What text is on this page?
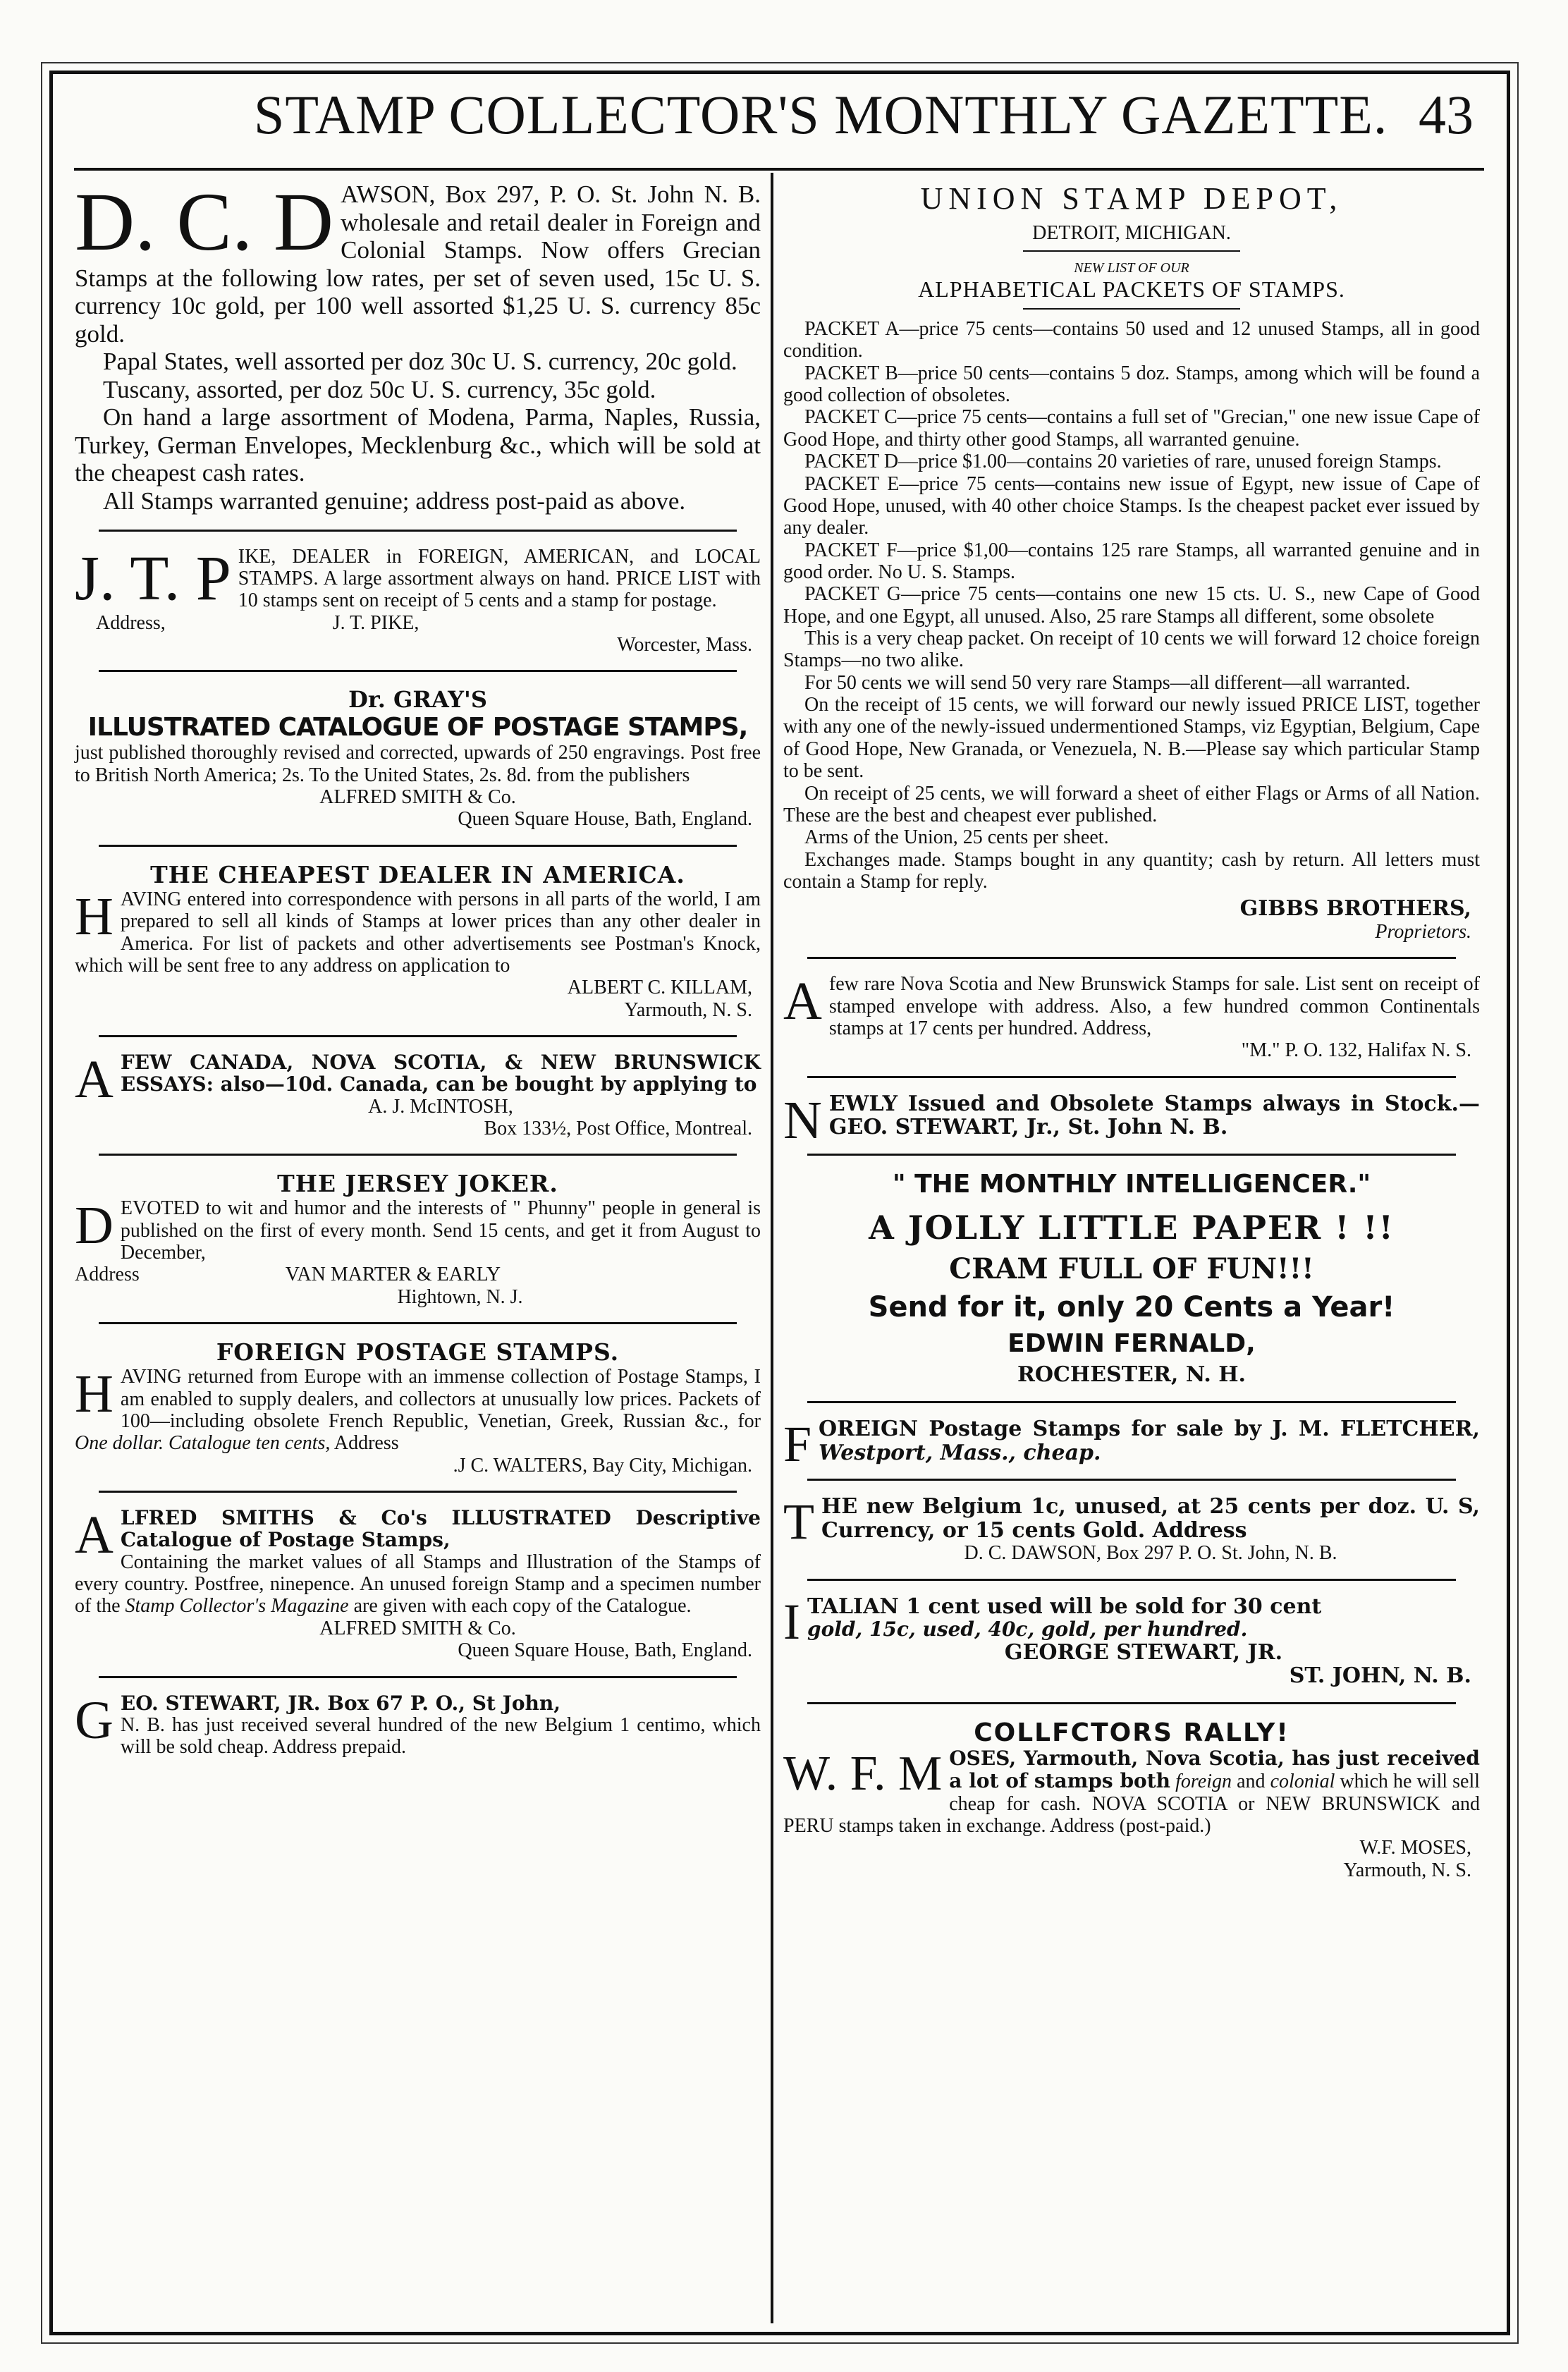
STAMP COLLECTOR'S MONTHLY GAZETTE. 43
D. C. D AWSON, Box 297, P. O. St. John N. B. wholesale and retail dealer in Foreign and Colonial Stamps. Now offers Grecian Stamps at the following low rates, per set of seven used, 15c U. S. currency 10c gold, per 100 well assorted $1,25 U. S. currency 85c gold.

Papal States, well assorted per doz 30c U. S. currency, 20c gold.

Tuscany, assorted, per doz 50c U. S. currency, 35c gold.

On hand a large assortment of Modena, Parma, Naples, Russia, Turkey, German Envelopes, Mecklenburg &c., which will be sold at the cheapest cash rates.

All Stamps warranted genuine; address post-paid as above.

J. T. P IKE, DEALER in FOREIGN, AMERICAN, and LOCAL STAMPS. A large assortment always on hand. PRICE LIST with 10 stamps sent on receipt of 5 cents and a stamp for postage.

Address,	J. T. PIKE,

Worcester, Mass.

Dr. GRAY'S

ILLUSTRATED CATALOGUE OF POSTAGE STAMPS,

just published thoroughly revised and corrected, upwards of 250 engravings. Post free to British North America; 2s. To the United States, 2s. 8d. from the publishers

ALFRED SMITH & Co.

Queen Square House, Bath, England.

THE CHEAPEST DEALER IN AMERICA.

H AVING entered into correspondence with persons in all parts of the world, I am prepared to sell all kinds of Stamps at lower prices than any other dealer in America. For list of packets and other advertisements see Postman's Knock, which will be sent free to any address on application to

ALBERT C. KILLAM,

Yarmouth, N. S.

A FEW CANADA, NOVA SCOTIA, & NEW BRUNSWICK ESSAYS: also—10d. Canada, can be bought by applying to

A. J. McINTOSH,

Box 133½, Post Office, Montreal.

THE JERSEY JOKER.

D EVOTED to wit and humor and the interests of " Phunny" people in general is published on the first of every month. Send 15 cents, and get it from August to December,

Address	VAN MARTER & EARLY

Hightown, N. J.

FOREIGN POSTAGE STAMPS.

H AVING returned from Europe with an immense collection of Postage Stamps, I am enabled to supply dealers, and collectors at unusually low prices. Packets of 100—including obsolete French Republic, Venetian, Greek, Russian &c., for One dollar. Catalogue ten cents, Address

.J C. WALTERS, Bay City, Michigan.

A LFRED SMITHS & Co's ILLUSTRATED Descriptive Catalogue of Postage Stamps,

Containing the market values of all Stamps and Illustration of the Stamps of every country. Postfree, ninepence. An unused foreign Stamp and a specimen number of the Stamp Collector's Magazine are given with each copy of the Catalogue.

ALFRED SMITH & Co.

Queen Square House, Bath, England.

G EO. STEWART, JR. Box 67 P. O., St John,

N. B. has just received several hundred of the new Belgium 1 centimo, which will be sold cheap. Address prepaid.

UNION STAMP DEPOT,

DETROIT, MICHIGAN.

NEW LIST OF OUR

ALPHABETICAL PACKETS OF STAMPS.

PACKET A—price 75 cents—contains 50 used and 12 unused Stamps, all in good condition.

PACKET B—price 50 cents—contains 5 doz. Stamps, among which will be found a good collection of obsoletes.

PACKET C—price 75 cents—contains a full set of "Grecian," one new issue Cape of Good Hope, and thirty other good Stamps, all warranted genuine.

PACKET D—price $1.00—contains 20 varieties of rare, unused foreign Stamps.

PACKET E—price 75 cents—contains new issue of Egypt, new issue of Cape of Good Hope, unused, with 40 other choice Stamps. Is the cheapest packet ever issued by any dealer.

PACKET F—price $1,00—contains 125 rare Stamps, all warranted genuine and in good order. No U. S. Stamps.

PACKET G—price 75 cents—contains one new 15 cts. U. S., new Cape of Good Hope, and one Egypt, all unused. Also, 25 rare Stamps all different, some obsolete

This is a very cheap packet. On receipt of 10 cents we will forward 12 choice foreign Stamps—no two alike.

For 50 cents we will send 50 very rare Stamps—all different—all warranted.

On the receipt of 15 cents, we will forward our newly issued PRICE LIST, together with any one of the newly-issued undermentioned Stamps, viz Egyptian, Belgium, Cape of Good Hope, New Granada, or Venezuela, N. B.—Please say which particular Stamp to be sent.

On receipt of 25 cents, we will forward a sheet of either Flags or Arms of all Nation. These are the best and cheapest ever published.

Arms of the Union, 25 cents per sheet.

Exchanges made. Stamps bought in any quantity; cash by return. All letters must contain a Stamp for reply.

GIBBS BROTHERS,

Proprietors.

A few rare Nova Scotia and New Brunswick Stamps for sale. List sent on receipt of stamped envelope with address. Also, a few hundred common Continentals stamps at 17 cents per hundred. Address,

"M." P. O. 132, Halifax N. S.

N EWLY Issued and Obsolete Stamps always in Stock.—GEO. STEWART, Jr., St. John N. B.

" THE MONTHLY INTELLIGENCER."

A JOLLY LITTLE PAPER ! !!

CRAM FULL OF FUN!!!

Send for it, only 20 Cents a Year!

EDWIN FERNALD,

ROCHESTER, N. H.

F OREIGN Postage Stamps for sale by J. M. FLETCHER, Westport, Mass., cheap.

T HE new Belgium 1c, unused, at 25 cents per doz. U. S, Currency, or 15 cents Gold. Address

D. C. DAWSON, Box 297 P. O. St. John, N. B.

I TALIAN 1 cent used will be sold for 30 cent

gold, 15c, used, 40c, gold, per hundred.

GEORGE STEWART, JR.

ST. JOHN, N. B.

COLLFCTORS RALLY!

W. F. M OSES, Yarmouth, Nova Scotia, has just received a lot of stamps both foreign and colonial which he will sell cheap for cash. NOVA SCOTIA or NEW BRUNSWICK and PERU stamps taken in exchange. Address (post-paid.)

W.F. MOSES,

Yarmouth, N. S.
